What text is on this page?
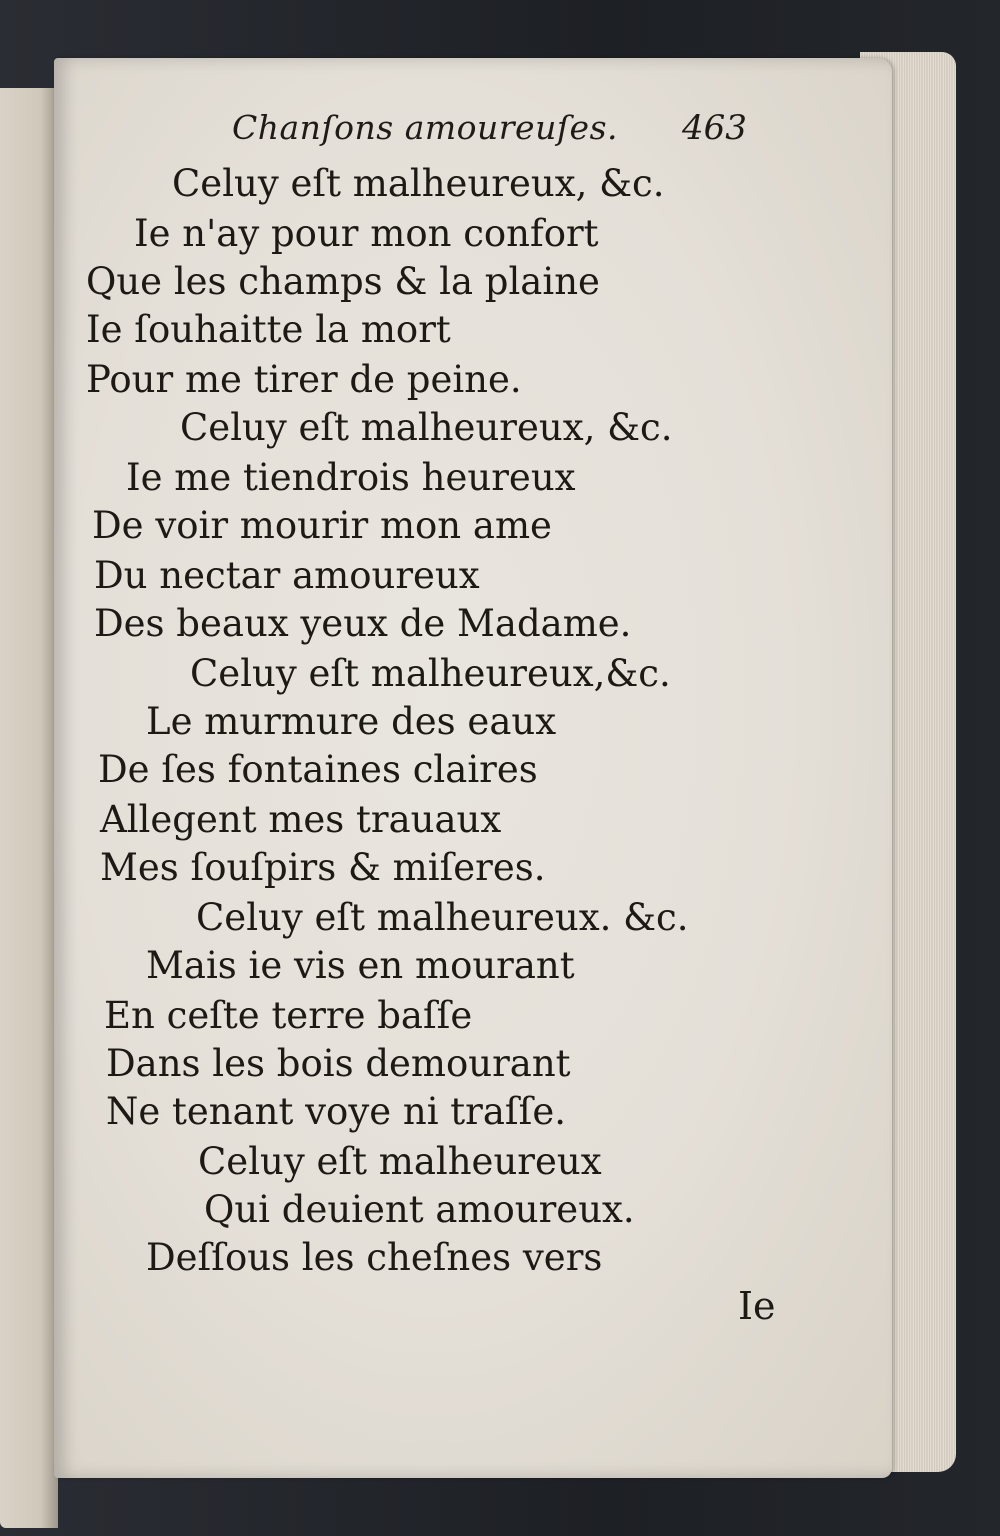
Chanſons amoureuſes. 463
Celuy eſt malheureux, &c.
Ie n'ay pour mon confort
Que les champs & la plaine
Ie ſouhaitte la mort
Pour me tirer de peine.
Celuy eſt malheureux, &c.
Ie me tiendrois heureux
De voir mourir mon ame
Du nectar amoureux
Des beaux yeux de Madame.
Celuy eſt malheureux,&c.
Le murmure des eaux
De ſes fontaines claires
Allegent mes trauaux
Mes ſouſpirs & miſeres.
Celuy eſt malheureux. &c.
Mais ie vis en mourant
En ceſte terre baſſe
Dans les bois demourant
Ne tenant voye ni traſſe.
Celuy eſt malheureux
Qui deuient amoureux.
Deſſous les cheſnes vers
Ie
